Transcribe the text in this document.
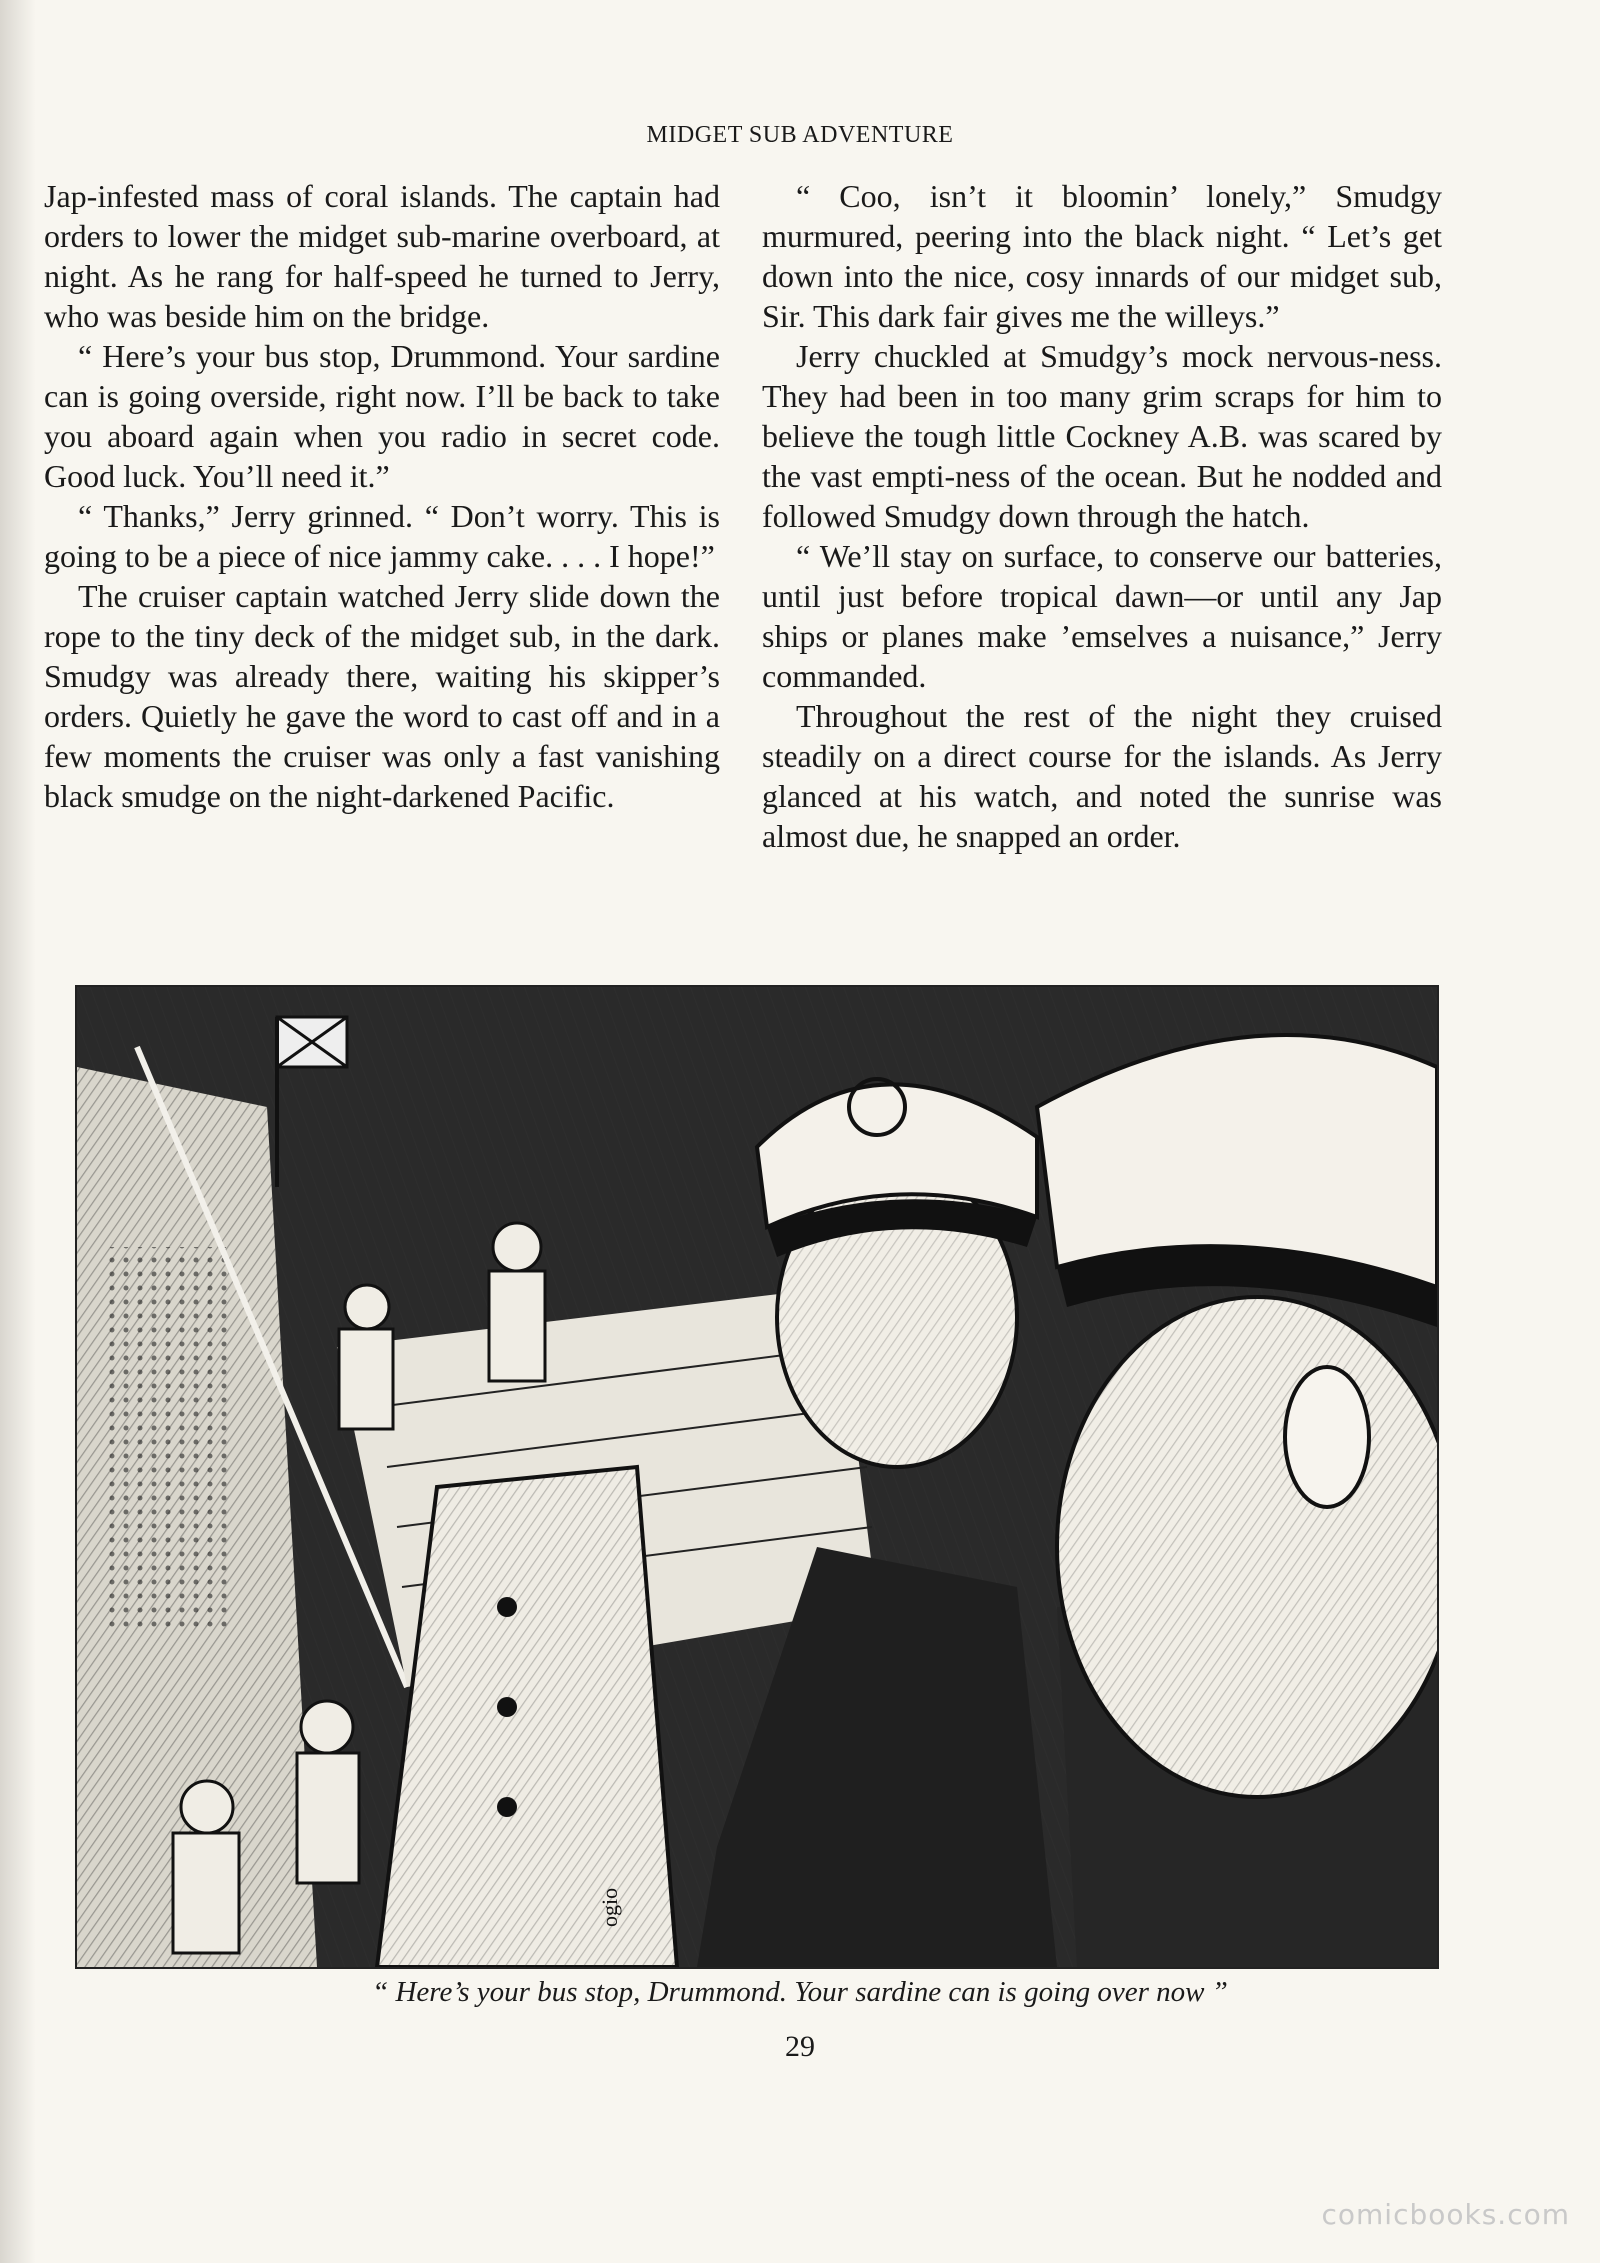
MIDGET SUB ADVENTURE

Jap-infested mass of coral islands. The captain had orders to lower the midget sub-marine overboard, at night. As he rang for half-speed he turned to Jerry, who was beside him on the bridge.

“ Here’s your bus stop, Drummond. Your sardine can is going overside, right now. I’ll be back to take you aboard again when you radio in secret code. Good luck. You’ll need it.”

“ Thanks,” Jerry grinned. “ Don’t worry. This is going to be a piece of nice jammy cake. . . . I hope!”

The cruiser captain watched Jerry slide down the rope to the tiny deck of the midget sub, in the dark. Smudgy was already there, waiting his skipper’s orders. Quietly he gave the word to cast off and in a few moments the cruiser was only a fast vanishing black smudge on the night-darkened Pacific.

“ Coo, isn’t it bloomin’ lonely,” Smudgy murmured, peering into the black night. “ Let’s get down into the nice, cosy innards of our midget sub, Sir. This dark fair gives me the willeys.”

Jerry chuckled at Smudgy’s mock nervous-ness. They had been in too many grim scraps for him to believe the tough little Cockney A.B. was scared by the vast empti-ness of the ocean. But he nodded and followed Smudgy down through the hatch.

“ We’ll stay on surface, to conserve our batteries, until just before tropical dawn—or until any Jap ships or planes make ’emselves a nuisance,” Jerry commanded.

Throughout the rest of the night they cruised steadily on a direct course for the islands. As Jerry glanced at his watch, and noted the sunrise was almost due, he snapped an order.

ogio
“ Here’s your bus stop, Drummond. Your sardine can is going over now ”
29
comicbooks.com
